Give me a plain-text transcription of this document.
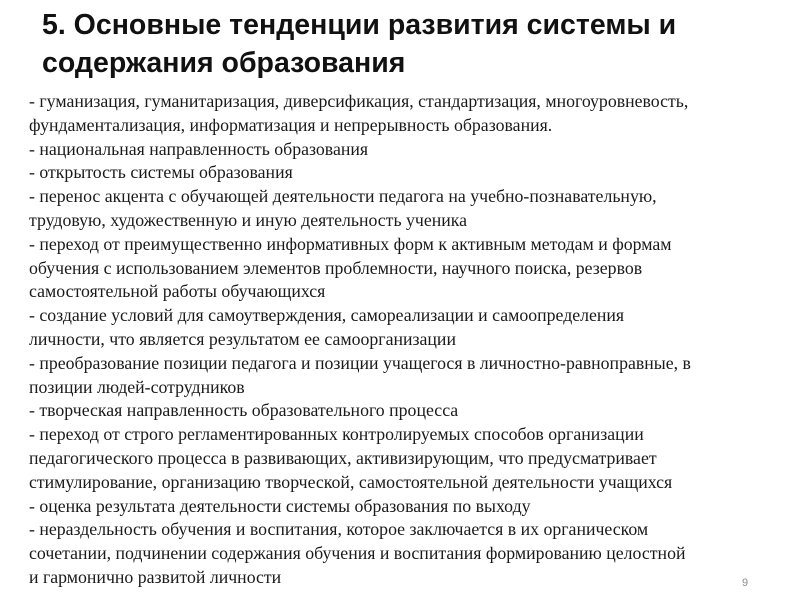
5. Основные тенденции развития системы и
содержания образования
- гуманизация, гуманитаризация, диверсификация, стандартизация, многоуровневость,
фундаментализация, информатизация и непрерывность образования.
- национальная направленность образования
- открытость системы образования
- перенос акцента с обучающей деятельности педагога на учебно-познавательную,
трудовую, художественную и иную деятельность ученика
- переход от преимущественно информативных форм к активным методам и формам
обучения с использованием элементов проблемности, научного поиска, резервов
самостоятельной работы обучающихся
- создание условий для самоутверждения, самореализации и самоопределения
личности, что является результатом ее самоорганизации
- преобразование позиции педагога и позиции учащегося в личностно-равноправные, в
позиции людей-сотрудников
- творческая направленность образовательного процесса
- переход от строго регламентированных контролируемых способов организации
педагогического процесса в развивающих, активизирующим, что предусматривает
стимулирование, организацию творческой, самостоятельной деятельности учащихся
- оценка результата деятельности системы образования по выходу
- нераздельность обучения и воспитания, которое заключается в их органическом
сочетании, подчинении содержания обучения и воспитания формированию целостной
и гармонично развитой личности	9
